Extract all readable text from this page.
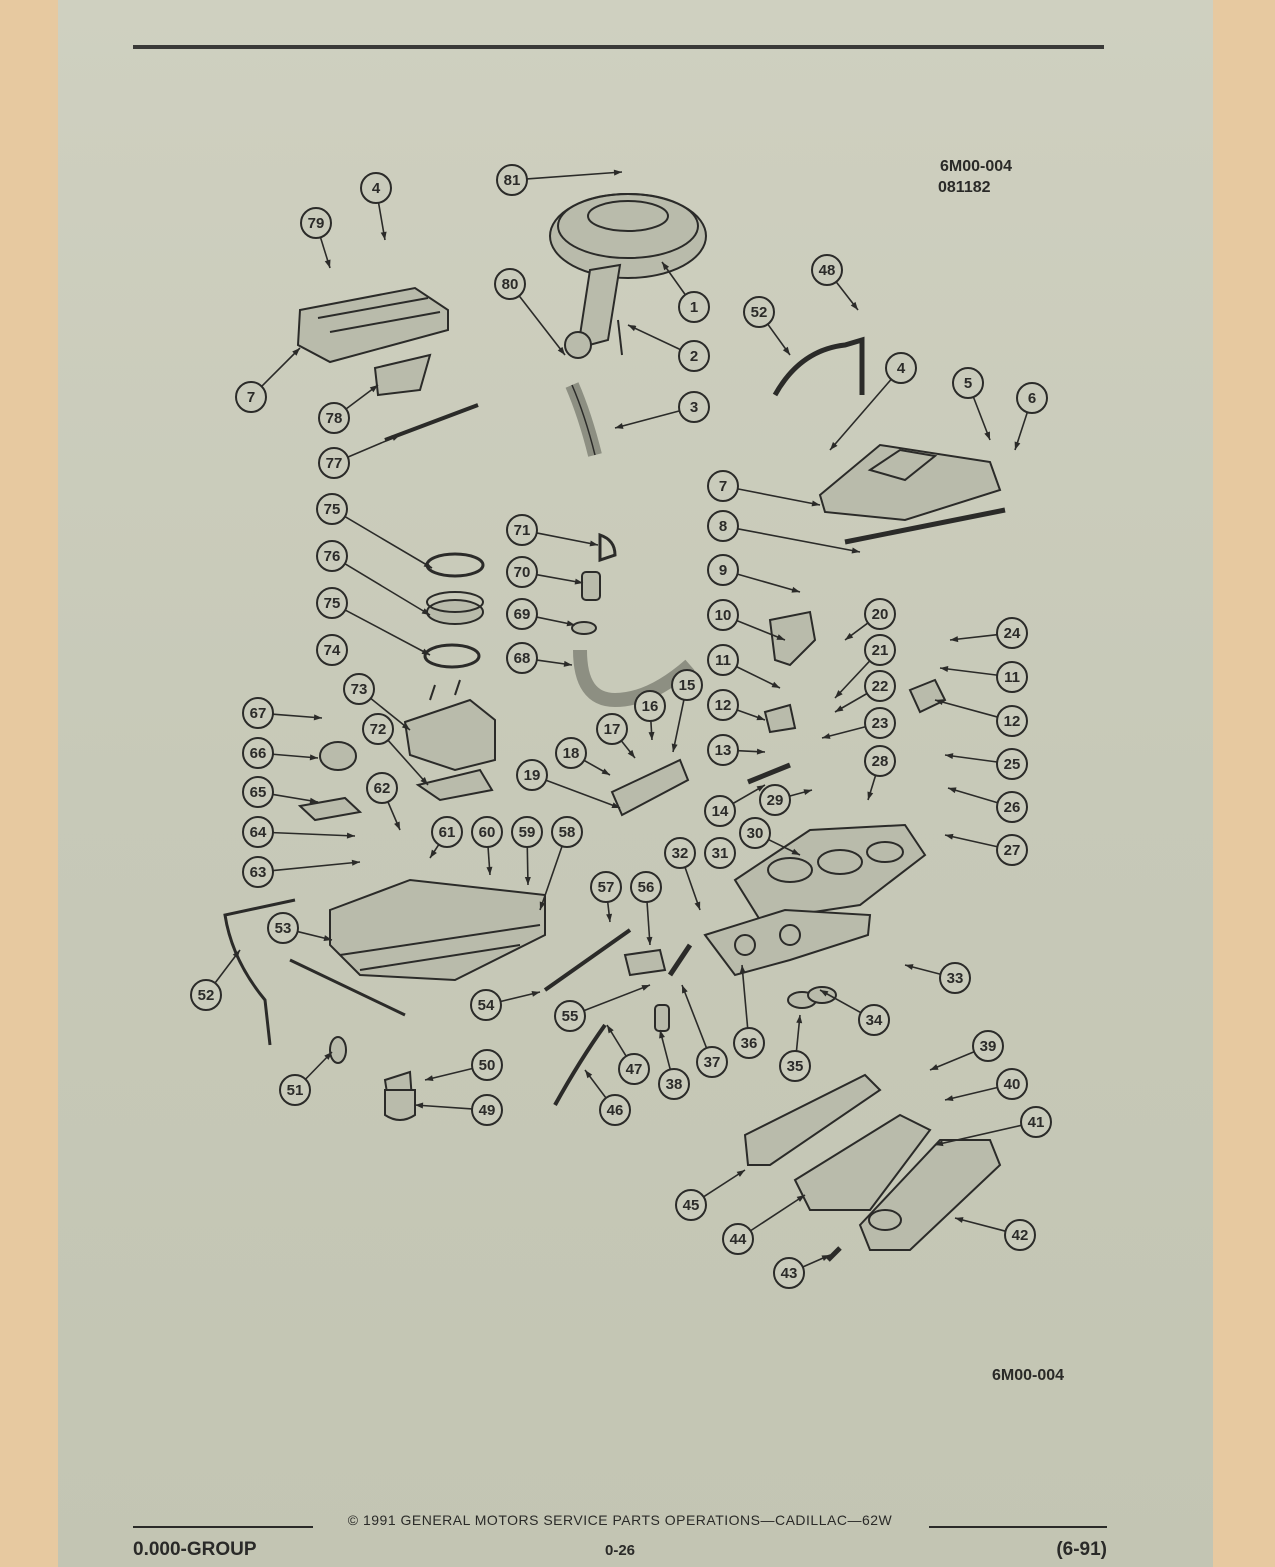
6M00-004
081182
6M00-004
81
4
79
80
1
2
3
7
78
77
48
52
4
5
6
7
8
75
76
75
74
71
70
69
68
9
10
11
12
13
20
21
22
23
24
11
12
25
26
27
73
72
67
66
65
64
63
62
61 60 59 58
18
17
16
15
19
14
29
28
30
31
32
57 56
53
52
54
55
37
36
33
34
35
38
47
46
50
49
51
39
40
41
42
45
44
43
© 1991 GENERAL MOTORS SERVICE PARTS OPERATIONS—CADILLAC—62W
0.000-GROUP	0-26	(6-91)
